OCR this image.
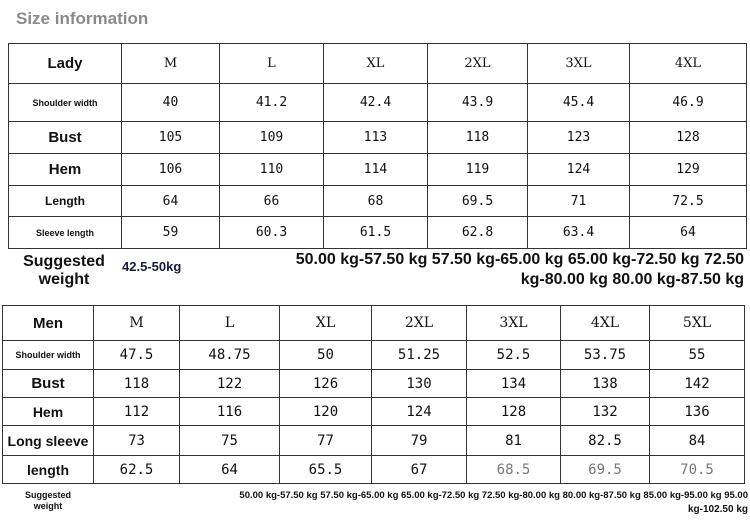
Size information
Lady	M	L	XL	2XL	3XL	4XL
Shoulder width	40	41.2	42.4	43.9	45.4	46.9
Bust	105	109	113	118	123	128
Hem	106	110	114	119	124	129
Length	64	66	68	69.5	71	72.5
Sleeve length	59	60.3	61.5	62.8	63.4	64
Suggested weight
42.5-50kg	50.00 kg-57.50 kg 57.50 kg-65.00 kg 65.00 kg-72.50 kg 72.50
kg-80.00 kg 80.00 kg-87.50 kg
Men	M	L	XL	2XL	3XL	4XL	5XL
Shoulder width	47.5	48.75	50	51.25	52.5	53.75	55
Bust	118	122	126	130	134	138	142
Hem	112	116	120	124	128	132	136
Long sleeve	73	75	77	79	81	82.5	84
length	62.5	64	65.5	67	68.5	69.5	70.5
Suggested weight
50.00 kg-57.50 kg 57.50 kg-65.00 kg 65.00 kg-72.50 kg 72.50 kg-80.00 kg 80.00 kg-87.50 kg 85.00 kg-95.00 kg 95.00
kg-102.50 kg
